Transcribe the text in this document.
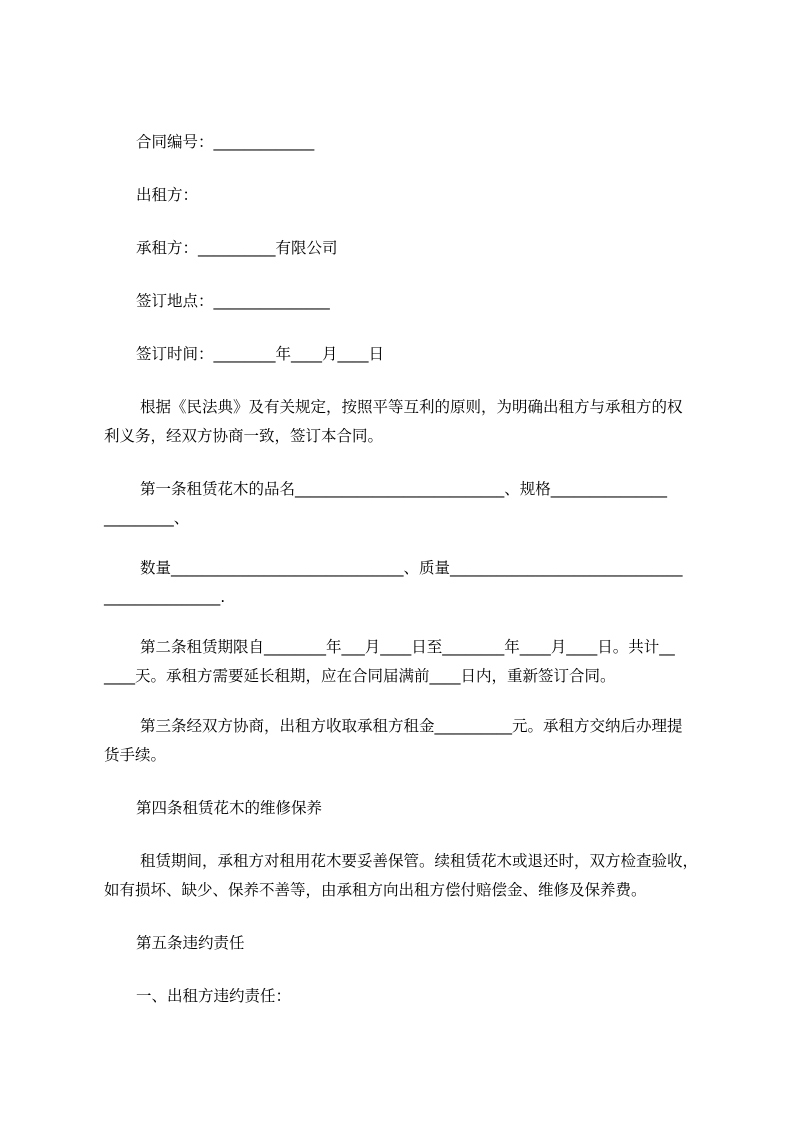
合同编号：_____________
出租方：
承租方：__________有限公司
签订地点：_______________
签订时间：________年____月____日
根据《民法典》及有关规定，按照平等互利的原则，为明确出租方与承租方的权
利义务，经双方协商一致，签订本合同。
第一条租赁花木的品名___________________________、规格_______________
_________、
数量______________________________、质量______________________________
_______________.
第二条租赁期限自________年___月____日至________年____月____日。共计__
____天。承租方需要延长租期，应在合同届满前____日内，重新签订合同。
第三条经双方协商，出租方收取承租方租金__________元。承租方交纳后办理提
货手续。
第四条租赁花木的维修保养
租赁期间，承租方对租用花木要妥善保管。续租赁花木或退还时，双方检查验收，
如有损坏、缺少、保养不善等，由承租方向出租方偿付赔偿金、维修及保养费。
第五条违约责任
一、出租方违约责任：
